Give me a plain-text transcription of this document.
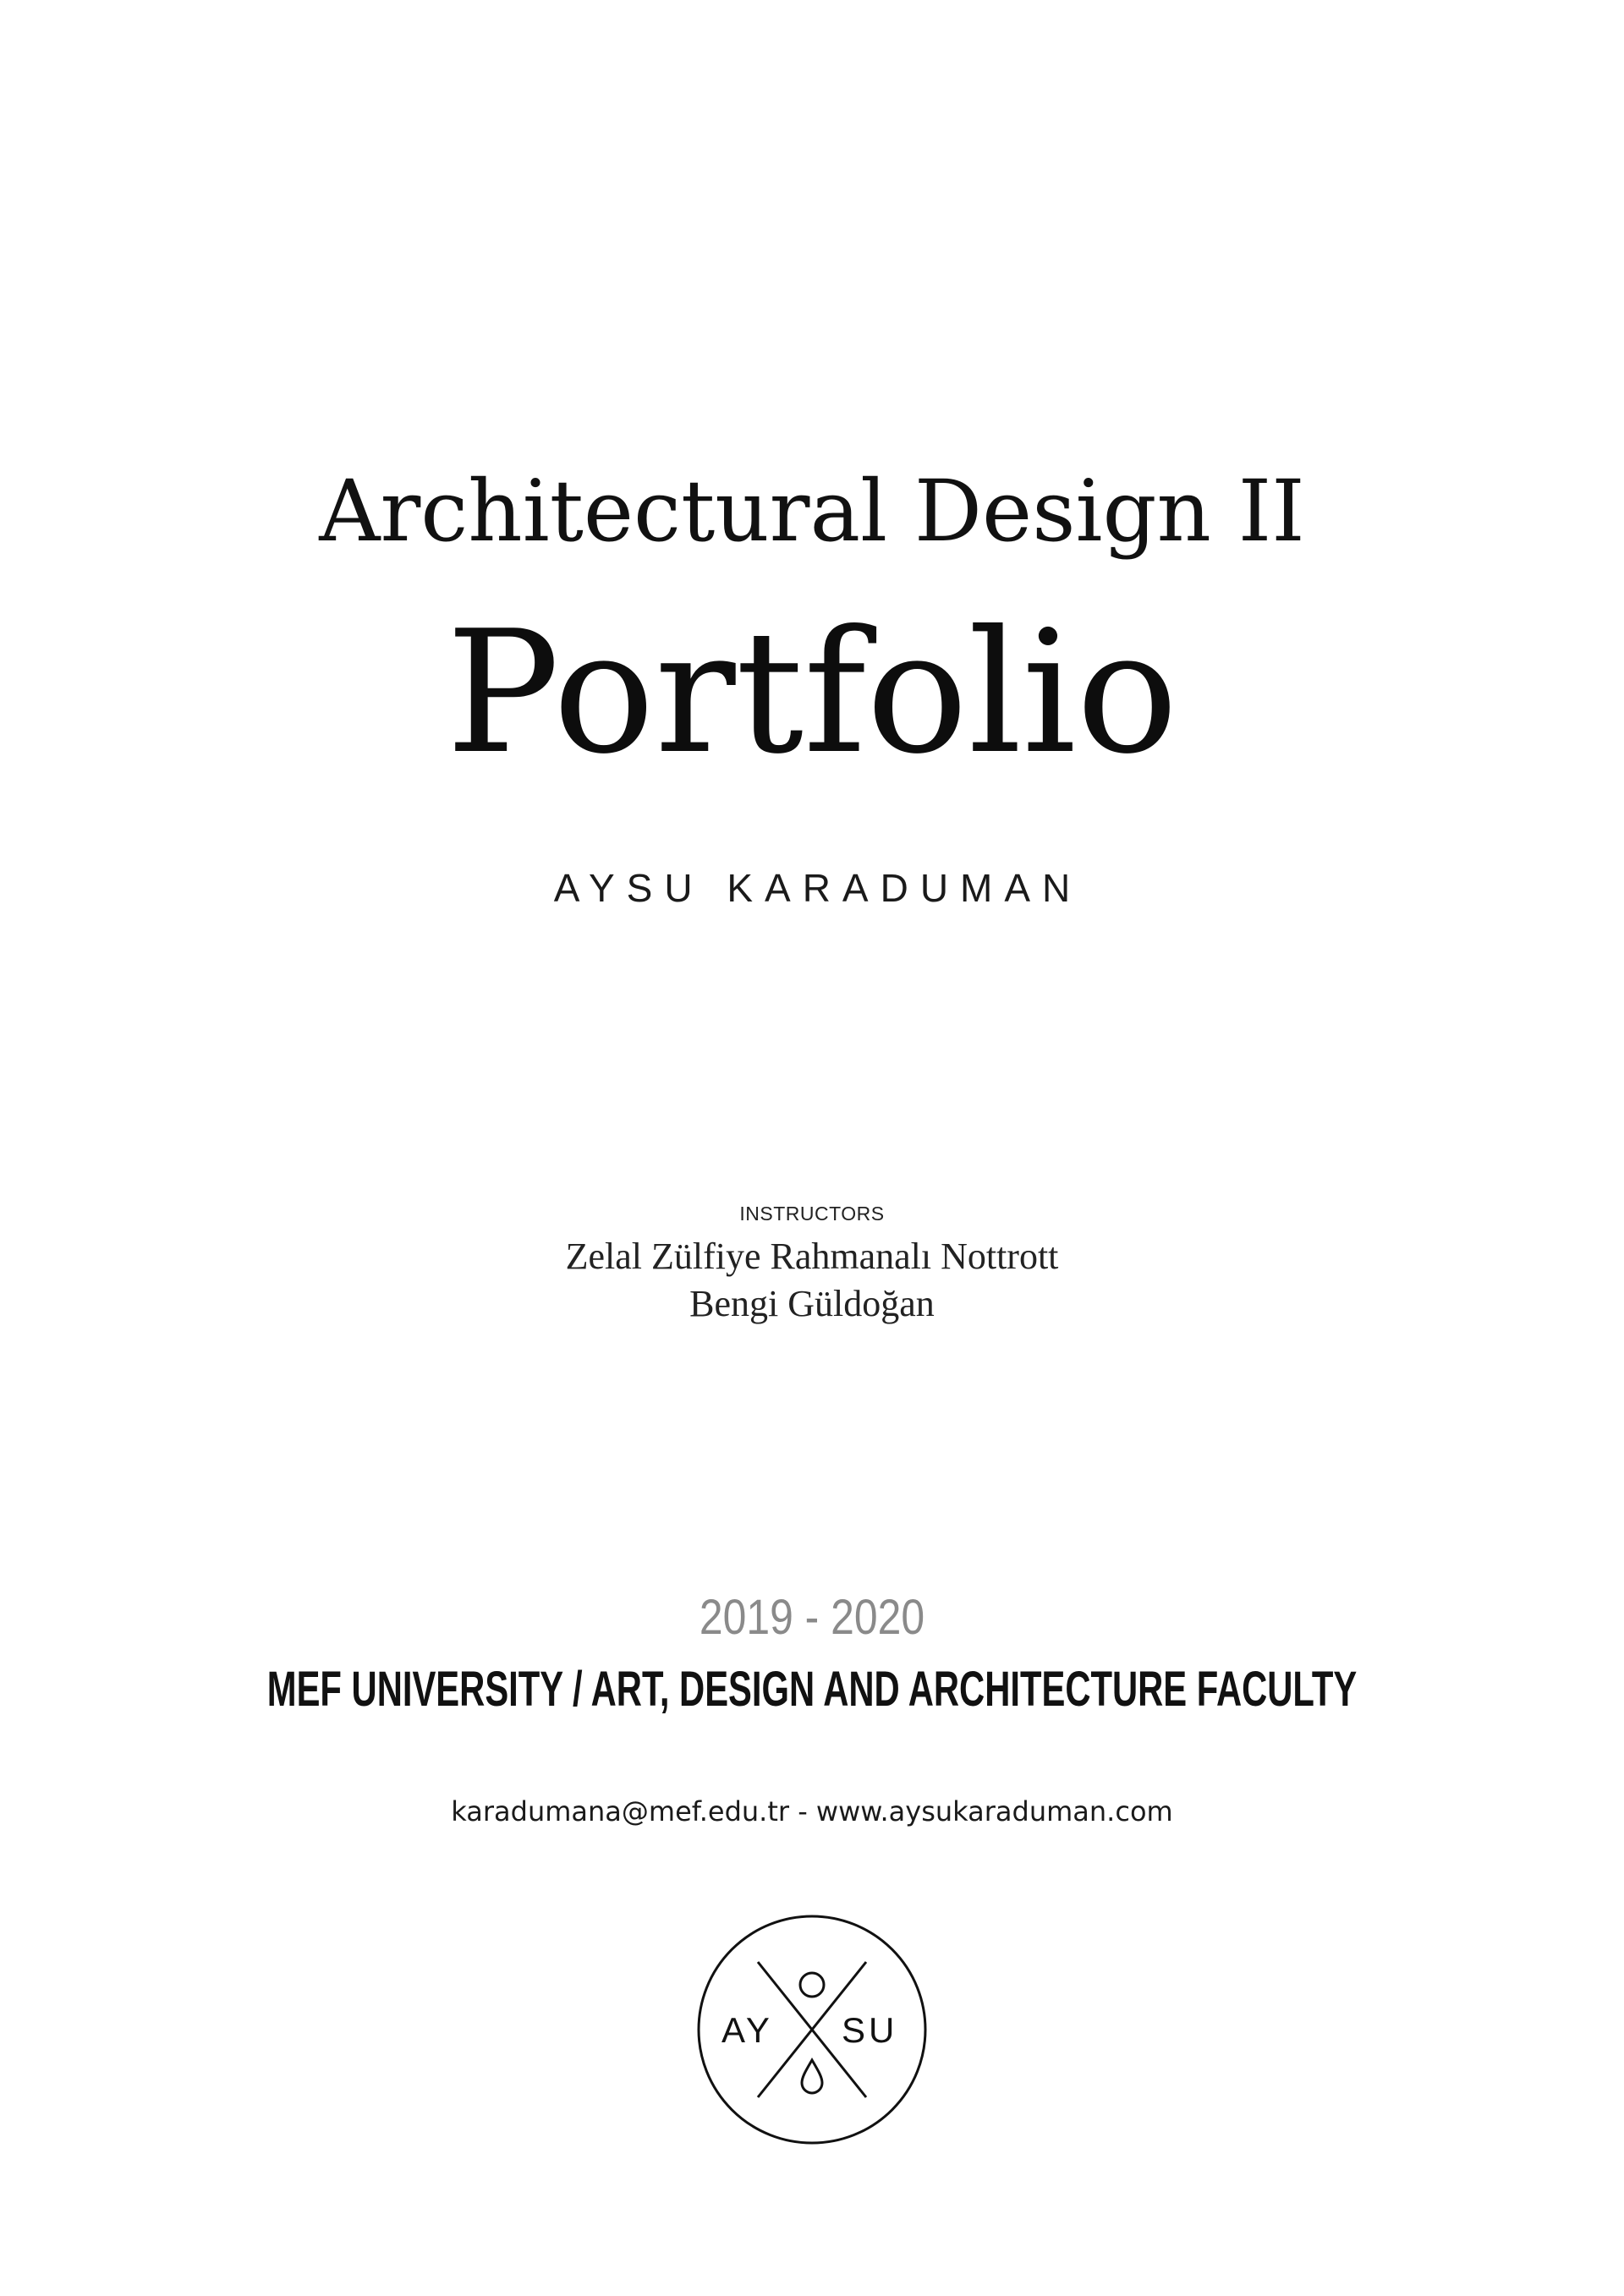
Architectural Design II
Portfolio
AYSU KARADUMAN
INSTRUCTORS
Zelal Zülfiye Rahmanalı Nottrott
Bengi Güldoğan
2019 - 2020
MEF UNIVERSITY / ART, DESIGN AND ARCHITECTURE FACULTY
karadumana@mef.edu.tr - www.aysukaraduman.com
AY SU
